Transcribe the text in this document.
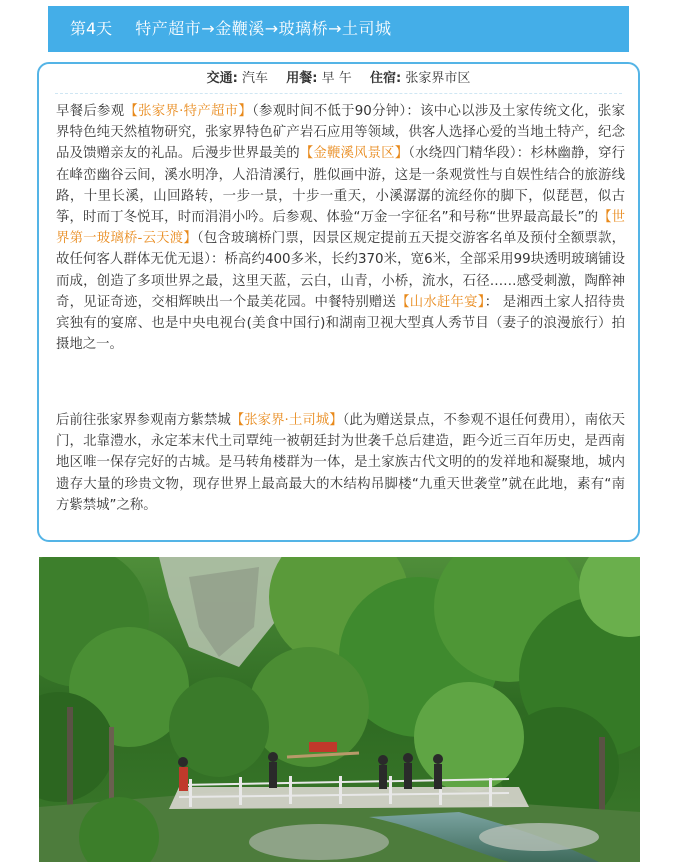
第4天 特产超市→金鞭溪→玻璃桥→土司城
交通: 汽车 用餐: 早 午 住宿: 张家界市区

早餐后参观【张家界·特产超市】（参观时间不低于90分钟）：该中心以涉及土家传统文化，张家界特色纯天然植物研究，张家界特色矿产岩石应用等领域，供客人选择心爱的当地土特产，纪念品及馈赠亲友的礼品。后漫步世界最美的【金鞭溪风景区】（水绕四门精华段）：杉林幽静，穿行在峰峦幽谷云间，溪水明净，人沿清溪行，胜似画中游，这是一条观赏性与自娱性结合的旅游线路，十里长溪，山回路转，一步一景，十步一重天，小溪潺潺的流经你的脚下，似琵琶，似古筝，时而丁冬悦耳，时而涓涓小吟。后参观、体验“万金一字征名”和号称“世界最高最长”的【世界第一玻璃桥-云天渡】（包含玻璃桥门票，因景区规定提前五天提交游客名单及预付全额票款，故任何客人群体无优无退）：桥高约400多米，长约370米，宽6米，全部采用99块透明玻璃铺设而成，创造了多项世界之最，这里天蓝，云白，山青，小桥，流水，石径……感受刺激，陶醉神奇，见证奇迹，交相辉映出一个最美花园。中餐特别赠送【山水赶年宴】： 是湘西土家人招待贵宾独有的宴席、也是中央电视台(美食中国行)和湖南卫视大型真人秀节目（妻子的浪漫旅行）拍摄地之一。

后前往张家界参观南方紫禁城【张家界·土司城】（此为赠送景点，不参观不退任何费用），南依天门，北靠澧水，永定苯末代土司覃纯一被朝廷封为世袭千总后建造，距今近三百年历史，是西南地区唯一保存完好的古城。是马转角楼群为一体，是土家族古代文明的的发祥地和凝聚地，城内遗存大量的珍贵文物，现存世界上最高最大的木结构吊脚楼“九重天世袭堂”就在此地，素有“南方紫禁城”之称。
